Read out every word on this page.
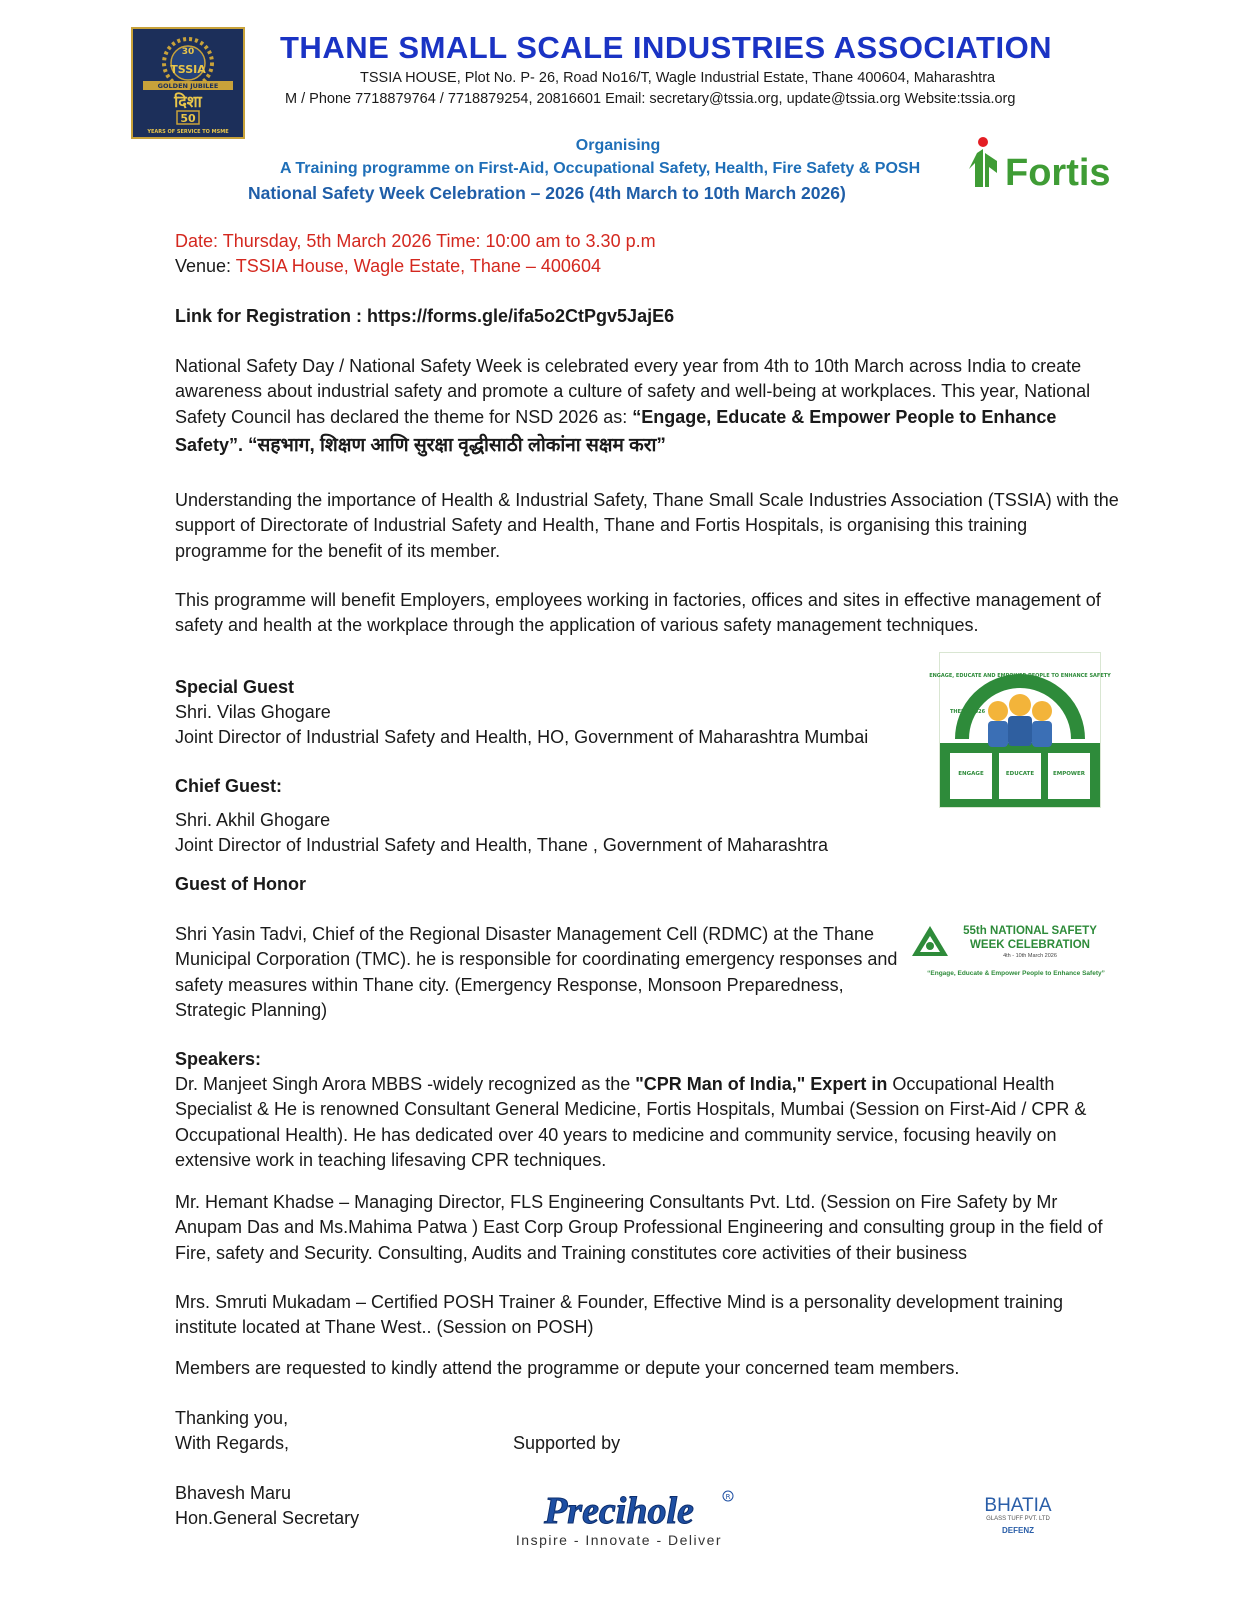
30
TSSIA
GOLDEN JUBILEE
दिशा
50
YEARS OF SERVICE TO MSME
THANE SMALL SCALE INDUSTRIES ASSOCIATION
TSSIA HOUSE, Plot No. P- 26, Road No16/T, Wagle Industrial Estate, Thane 400604, Maharashtra
M / Phone 7718879764 / 7718879254, 20816601 Email: secretary@tssia.org, update@tssia.org Website:tssia.org
Organising
A Training programme on First-Aid, Occupational Safety, Health, Fire Safety & POSH
National Safety Week Celebration – 2026 (4th March to 10th March 2026)	Fortis
Date: Thursday, 5th March 2026 Time: 10:00 am to 3.30 p.m
Venue: TSSIA House, Wagle Estate, Thane – 400604
Link for Registration : https://forms.gle/ifa5o2CtPgv5JajE6
National Safety Day / National Safety Week is celebrated every year from 4th to 10th March across India to create awareness about industrial safety and promote a culture of safety and well-being at workplaces. This year, National Safety Council has declared the theme for NSD 2026 as: “Engage, Educate & Empower People to Enhance Safety”. “सहभाग, शिक्षण आणि सुरक्षा वृद्धीसाठी लोकांना सक्षम करा”
Understanding the importance of Health & Industrial Safety, Thane Small Scale Industries Association (TSSIA) with the support of Directorate of Industrial Safety and Health, Thane and Fortis Hospitals, is organising this training programme for the benefit of its member.
This programme will benefit Employers, employees working in factories, offices and sites in effective management of safety and health at the workplace through the application of various safety management techniques.
Special Guest
Shri. Vilas Ghogare
Joint Director of Industrial Safety and Health, HO, Government of Maharashtra Mumbai
Chief Guest:
Shri. Akhil Ghogare
Joint Director of Industrial Safety and Health, Thane , Government of Maharashtra
Guest of Honor
Shri Yasin Tadvi, Chief of the Regional Disaster Management Cell (RDMC) at the Thane Municipal Corporation (TMC). he is responsible for coordinating emergency responses and safety measures within Thane city. (Emergency Response, Monsoon Preparedness, Strategic Planning)
ENGAGE, EDUCATE AND EMPOWER PEOPLE TO ENHANCE SAFETY
THEME 2026
ENGAGE	EDUCATE	EMPOWER
55th NATIONAL SAFETY
WEEK CELEBRATION
4th - 10th March 2026
“Engage, Educate & Empower People to Enhance Safety”
Speakers:
Dr. Manjeet Singh Arora MBBS -widely recognized as the "CPR Man of India," Expert in Occupational Health Specialist & He is renowned Consultant General Medicine, Fortis Hospitals, Mumbai (Session on First-Aid / CPR & Occupational Health). He has dedicated over 40 years to medicine and community service, focusing heavily on extensive work in teaching lifesaving CPR techniques.
Mr. Hemant Khadse – Managing Director, FLS Engineering Consultants Pvt. Ltd. (Session on Fire Safety by Mr Anupam Das and Ms.Mahima Patwa ) East Corp Group Professional Engineering and consulting group in the field of Fire, safety and Security. Consulting, Audits and Training constitutes core activities of their business
Mrs. Smruti Mukadam – Certified POSH Trainer & Founder, Effective Mind is a personality development training institute located at Thane West.. (Session on POSH)
Members are requested to kindly attend the programme or depute your concerned team members.
Thanking you,
With Regards,	Supported by
Bhavesh Maru
Hon.General Secretary	Precihole	R
Inspire - Innovate - Deliver
BHATIA
GLASS TUFF PVT. LTD
DEFENZ
